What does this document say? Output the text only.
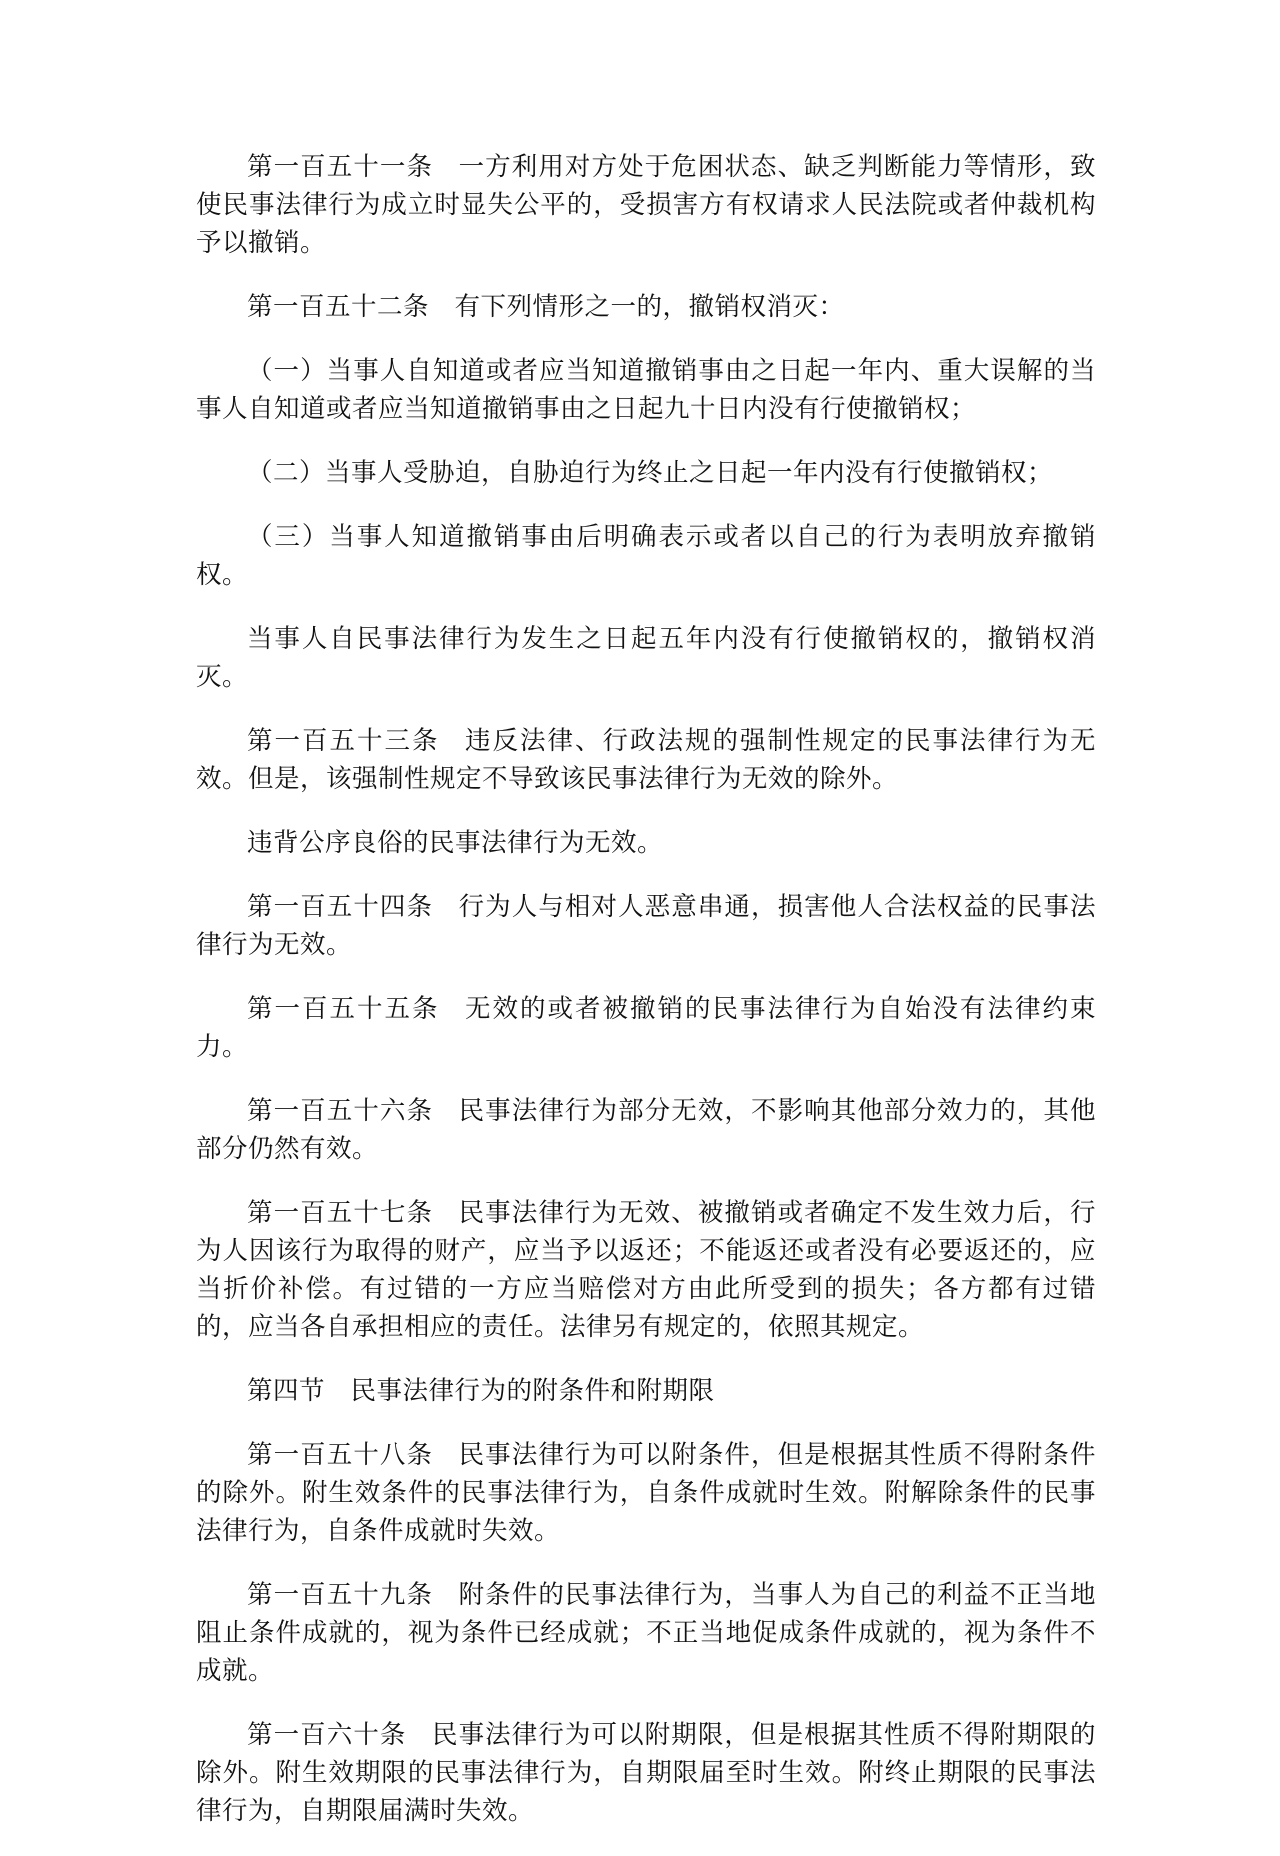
第一百五十一条 一方利用对方处于危困状态、缺乏判断能力等情形，致使民事法律行为成立时显失公平的，受损害方有权请求人民法院或者仲裁机构予以撤销。

第一百五十二条 有下列情形之一的，撤销权消灭：

（一）当事人自知道或者应当知道撤销事由之日起一年内、重大误解的当事人自知道或者应当知道撤销事由之日起九十日内没有行使撤销权；

（二）当事人受胁迫，自胁迫行为终止之日起一年内没有行使撤销权；

（三）当事人知道撤销事由后明确表示或者以自己的行为表明放弃撤销权。

当事人自民事法律行为发生之日起五年内没有行使撤销权的，撤销权消灭。

第一百五十三条 违反法律、行政法规的强制性规定的民事法律行为无效。但是，该强制性规定不导致该民事法律行为无效的除外。

违背公序良俗的民事法律行为无效。

第一百五十四条 行为人与相对人恶意串通，损害他人合法权益的民事法律行为无效。

第一百五十五条 无效的或者被撤销的民事法律行为自始没有法律约束力。

第一百五十六条 民事法律行为部分无效，不影响其他部分效力的，其他部分仍然有效。

第一百五十七条 民事法律行为无效、被撤销或者确定不发生效力后，行为人因该行为取得的财产，应当予以返还；不能返还或者没有必要返还的，应当折价补偿。有过错的一方应当赔偿对方由此所受到的损失；各方都有过错的，应当各自承担相应的责任。法律另有规定的，依照其规定。

第四节 民事法律行为的附条件和附期限

第一百五十八条 民事法律行为可以附条件，但是根据其性质不得附条件的除外。附生效条件的民事法律行为，自条件成就时生效。附解除条件的民事法律行为，自条件成就时失效。

第一百五十九条 附条件的民事法律行为，当事人为自己的利益不正当地阻止条件成就的，视为条件已经成就；不正当地促成条件成就的，视为条件不成就。

第一百六十条 民事法律行为可以附期限，但是根据其性质不得附期限的除外。附生效期限的民事法律行为，自期限届至时生效。附终止期限的民事法律行为，自期限届满时失效。
